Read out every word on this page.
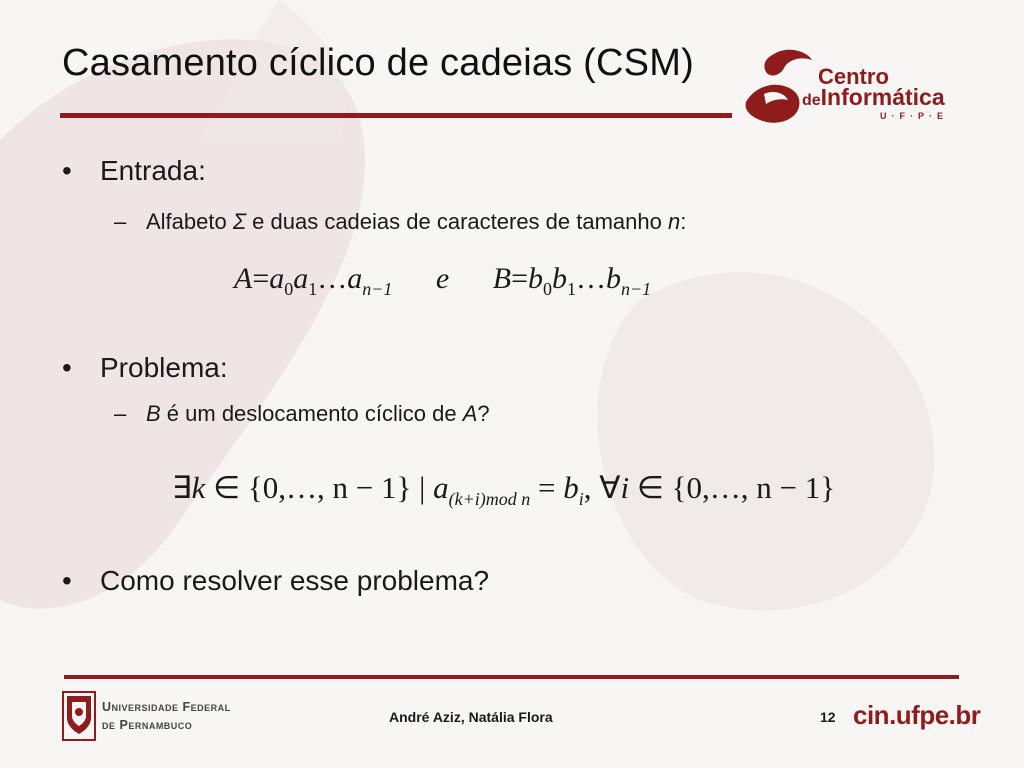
Casamento cíclico de cadeias (CSM)	Centro
deInformática
U·F·P·E
• Entrada:
– Alfabeto Σ e duas cadeias de caracteres de tamanho n:
$A=a_0a_1\dots a_{n-1}$ e $B=b_0b_1\dots b_{n-1}$
• Problema:
– B é um deslocamento cíclico de A?
∃k ∈ {0,…, n − 1} | $a_{(k+i)mod n} = b_i$, ∀i ∈ {0,…, n − 1}
• Como resolver esse problema?
Universidade Federal
de Pernambuco	André Aziz, Natália Flora	12 cin.ufpe.br
